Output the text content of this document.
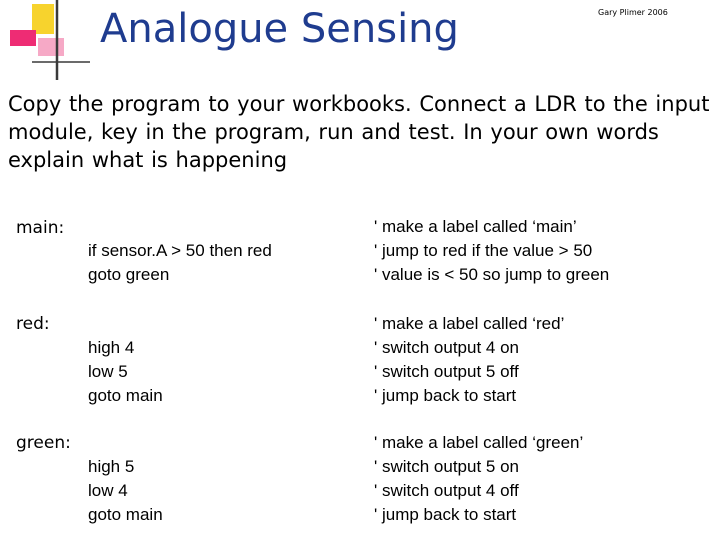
Analogue Sensing	Gary Plimer 2006
Copy the program to your workbooks. Connect a LDR to the input module, key in the program, run and test. In your own words explain what is happening
main:
if sensor.A > 50 then red
goto green
' make a label called ‘main’
' jump to red if the value > 50
' value is < 50 so jump to green
red:
high 4
low 5
goto main
' make a label called ‘red’
' switch output 4 on
' switch output 5 off
' jump back to start
green:
high 5
low 4
goto main
' make a label called ‘green’
' switch output 5 on
' switch output 4 off
' jump back to start
